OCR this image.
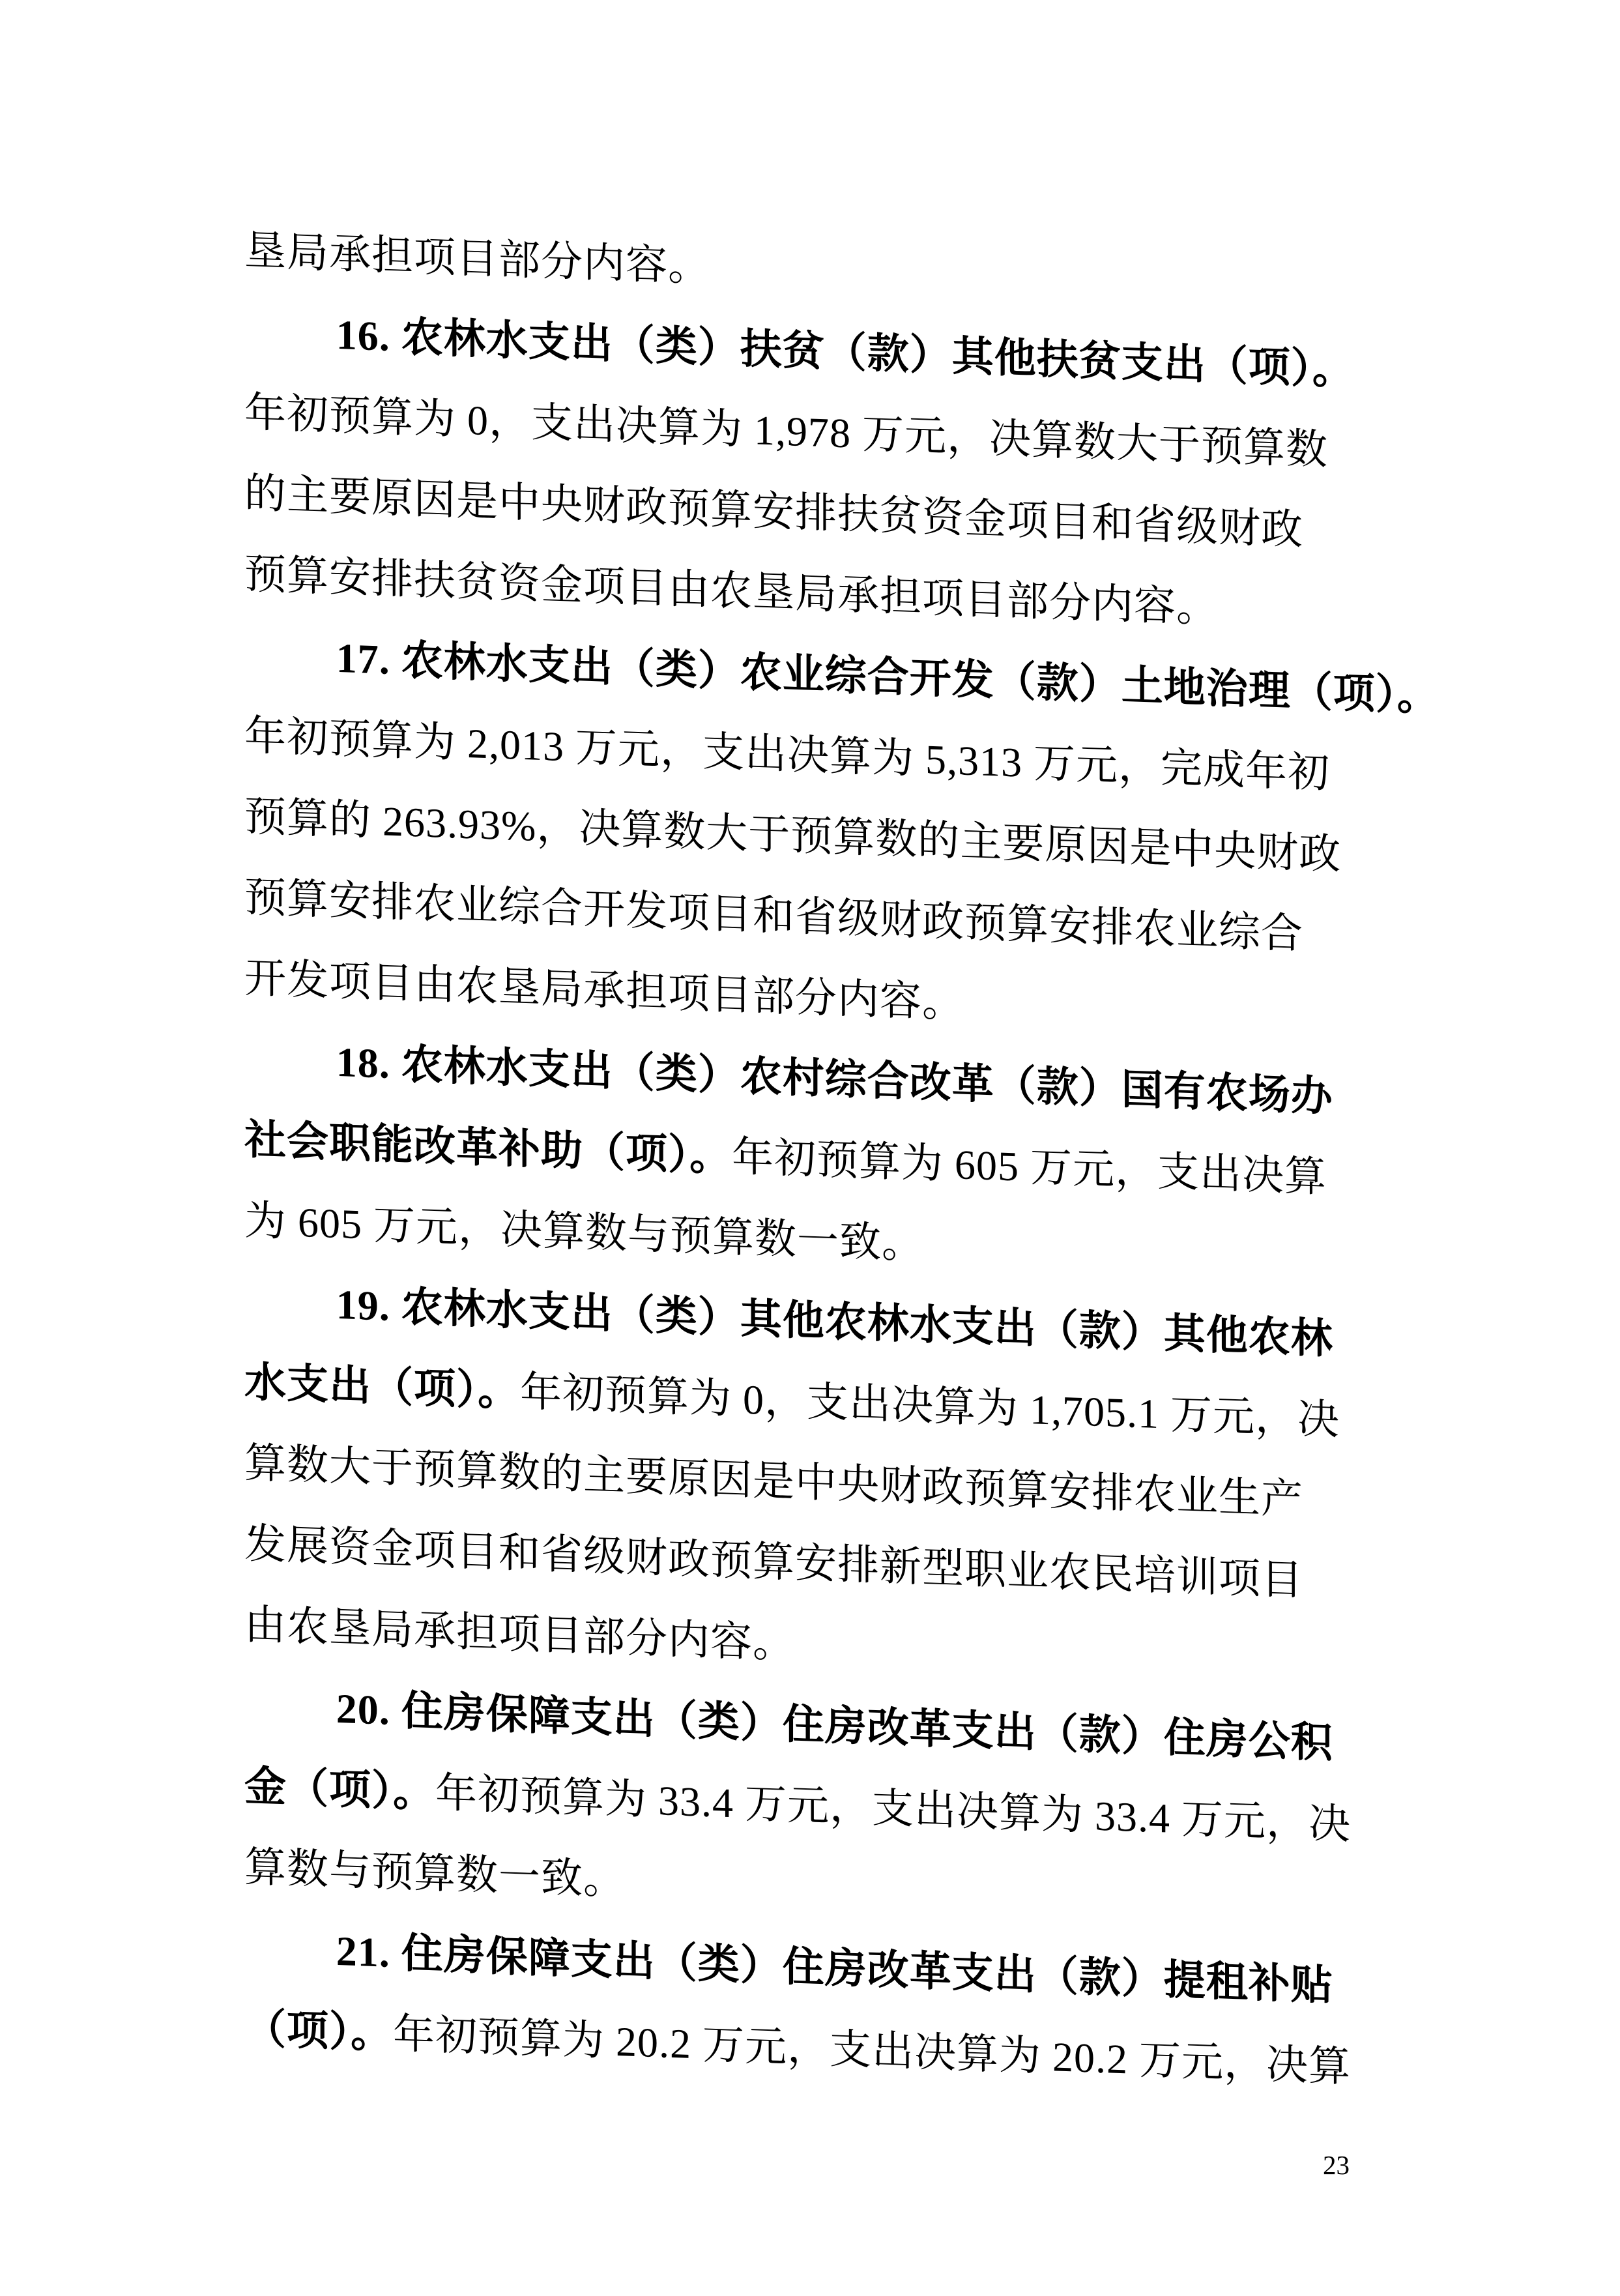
垦局承担项目部分内容。
16. 农林水支出（类）扶贫（款）其他扶贫支出（项）。
年初预算为 0，支出决算为 1,978 万元，决算数大于预算数
的主要原因是中央财政预算安排扶贫资金项目和省级财政
预算安排扶贫资金项目由农垦局承担项目部分内容。
17. 农林水支出（类）农业综合开发（款）土地治理（项）。
年初预算为 2,013 万元，支出决算为 5,313 万元，完成年初
预算的 263.93%，决算数大于预算数的主要原因是中央财政
预算安排农业综合开发项目和省级财政预算安排农业综合
开发项目由农垦局承担项目部分内容。
18. 农林水支出（类）农村综合改革（款）国有农场办
社会职能改革补助（项）。年初预算为 605 万元，支出决算
为 605 万元，决算数与预算数一致。
19. 农林水支出（类）其他农林水支出（款）其他农林
水支出（项）。年初预算为 0，支出决算为 1,705.1 万元，决
算数大于预算数的主要原因是中央财政预算安排农业生产
发展资金项目和省级财政预算安排新型职业农民培训项目
由农垦局承担项目部分内容。
20. 住房保障支出（类）住房改革支出（款）住房公积
金（项）。年初预算为 33.4 万元，支出决算为 33.4 万元，决
算数与预算数一致。
21. 住房保障支出（类）住房改革支出（款）提租补贴
（项）。年初预算为 20.2 万元，支出决算为 20.2 万元，决算
23
